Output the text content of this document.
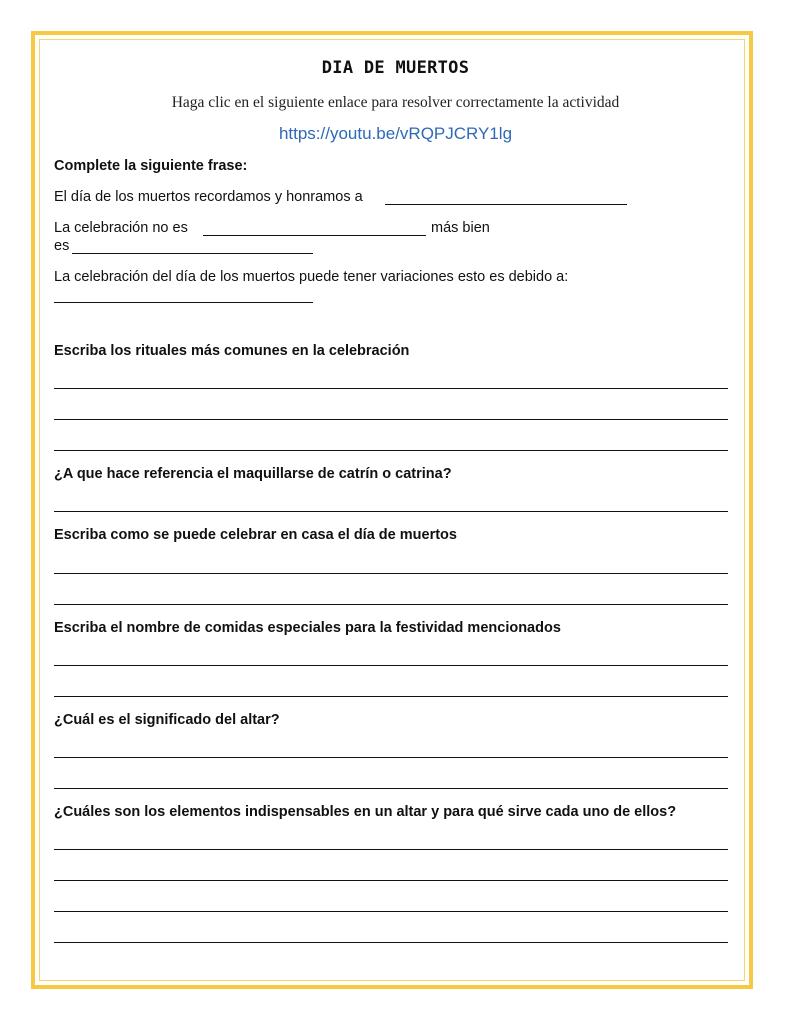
DIA DE MUERTOS
Haga clic en el siguiente enlace para resolver correctamente la actividad
https://youtu.be/vRQPJCRY1lg
Complete la siguiente frase:
El día de los muertos recordamos y honramos a
La celebración no es	más bien
es
La celebración del día de los muertos puede tener variaciones esto es debido a:
Escriba los rituales más comunes en la celebración
¿A que hace referencia el maquillarse de catrín o catrina?
Escriba como se puede celebrar en casa el día de muertos
Escriba el nombre de comidas especiales para la festividad mencionados
¿Cuál es el significado del altar?
¿Cuáles son los elementos indispensables en un altar y para qué sirve cada uno de ellos?
